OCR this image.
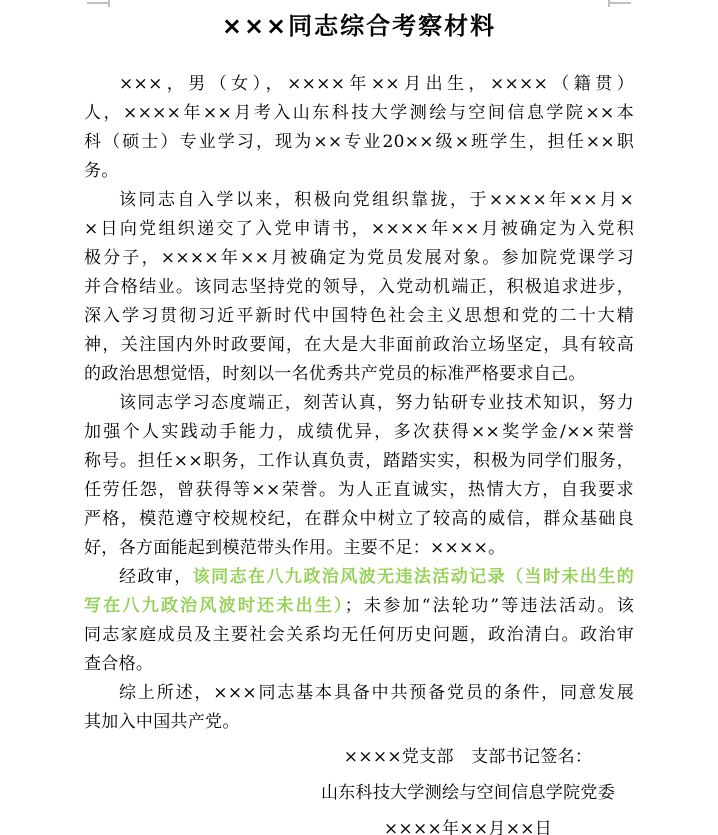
×××同志综合考察材料
×××，男（女），××××年××月出生，××××（籍贯）
人，××××年××月考入山东科技大学测绘与空间信息学院××本
科（硕士）专业学习，现为××专业20××级×班学生，担任××职
务。
该同志自入学以来，积极向党组织靠拢，于××××年××月×
×日向党组织递交了入党申请书，××××年××月被确定为入党积
极分子，××××年××月被确定为党员发展对象。参加院党课学习
并合格结业。该同志坚持党的领导，入党动机端正，积极追求进步，
深入学习贯彻习近平新时代中国特色社会主义思想和党的二十大精
神，关注国内外时政要闻，在大是大非面前政治立场坚定，具有较高
的政治思想觉悟，时刻以一名优秀共产党员的标准严格要求自己。
该同志学习态度端正，刻苦认真，努力钻研专业技术知识，努力
加强个人实践动手能力，成绩优异，多次获得××奖学金/××荣誉
称号。担任××职务，工作认真负责，踏踏实实，积极为同学们服务，
任劳任怨，曾获得等××荣誉。为人正直诚实，热情大方，自我要求
严格，模范遵守校规校纪，在群众中树立了较高的威信，群众基础良
好，各方面能起到模范带头作用。主要不足：××××。
经政审，该同志在八九政治风波无违法活动记录（当时未出生的
写在八九政治风波时还未出生）；未参加“法轮功”等违法活动。该
同志家庭成员及主要社会关系均无任何历史问题，政治清白。政治审
查合格。
综上所述，×××同志基本具备中共预备党员的条件，同意发展
其加入中国共产党。
××××党支部　支部书记签名：
山东科技大学测绘与空间信息学院党委
××××年××月××日
